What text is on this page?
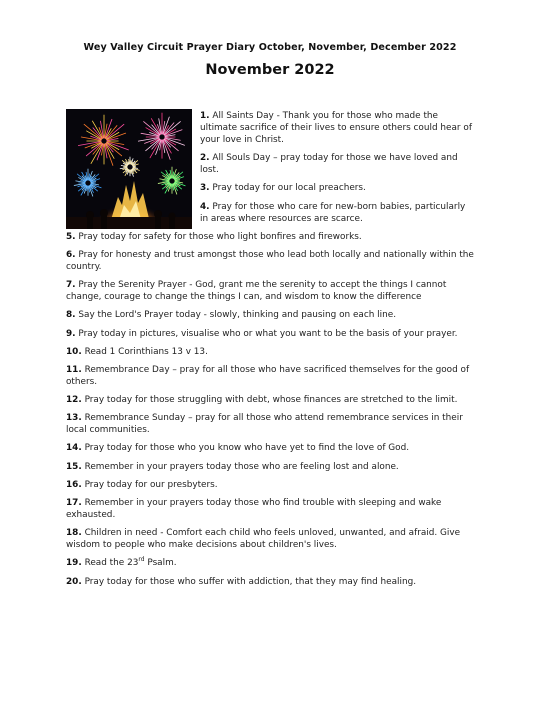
Wey Valley Circuit Prayer Diary October, November, December 2022
November 2022

1. All Saints Day - Thank you for those who made the ultimate sacrifice of their lives to ensure others could hear of your love in Christ.

2. All Souls Day – pray today for those we have loved and lost.

3. Pray today for our local preachers.

4. Pray for those who care for new-born babies, particularly in areas where resources are scarce.

5. Pray today for safety for those who light bonfires and fireworks.

6. Pray for honesty and trust amongst those who lead both locally and nationally within the country.

7. Pray the Serenity Prayer - God, grant me the serenity to accept the things I cannot change, courage to change the things I can, and wisdom to know the difference

8. Say the Lord's Prayer today - slowly, thinking and pausing on each line.

9. Pray today in pictures, visualise who or what you want to be the basis of your prayer.

10. Read 1 Corinthians 13 v 13.

11. Remembrance Day – pray for all those who have sacrificed themselves for the good of others.

12. Pray today for those struggling with debt, whose finances are stretched to the limit.

13. Remembrance Sunday – pray for all those who attend remembrance services in their local communities.

14. Pray today for those who you know who have yet to find the love of God.

15. Remember in your prayers today those who are feeling lost and alone.

16. Pray today for our presbyters.

17. Remember in your prayers today those who find trouble with sleeping and wake exhausted.

18. Children in need - Comfort each child who feels unloved, unwanted, and afraid. Give wisdom to people who make decisions about children's lives.

19. Read the 23rd Psalm.

20. Pray today for those who suffer with addiction, that they may find healing.
